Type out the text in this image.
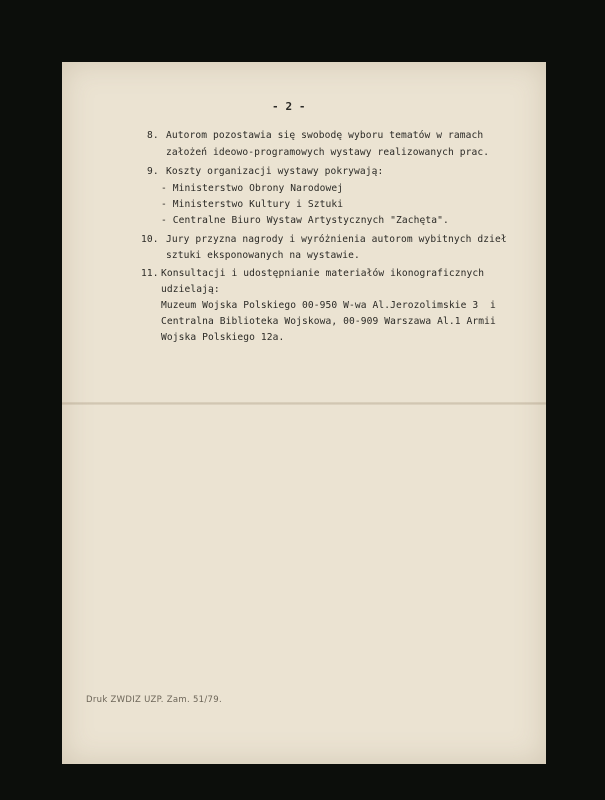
- 2 -
8. Autorom pozostawia się swobodę wyboru tematów w ramach
założeń ideowo-programowych wystawy realizowanych prac.
9. Koszty organizacji wystawy pokrywają:
- Ministerstwo Obrony Narodowej
- Ministerstwo Kultury i Sztuki
- Centralne Biuro Wystaw Artystycznych "Zachęta".
10. Jury przyzna nagrody i wyróżnienia autorom wybitnych dzieł
sztuki eksponowanych na wystawie.
11. Konsultacji i udostępnianie materiałów ikonograficznych
udzielają:
Muzeum Wojska Polskiego 00-950 W-wa Al.Jerozolimskie 3  i
Centralna Biblioteka Wojskowa, 00-909 Warszawa Al.1 Armii
Wojska Polskiego 12a.
Druk ZWDIZ UZP. Zam. 51/79.
